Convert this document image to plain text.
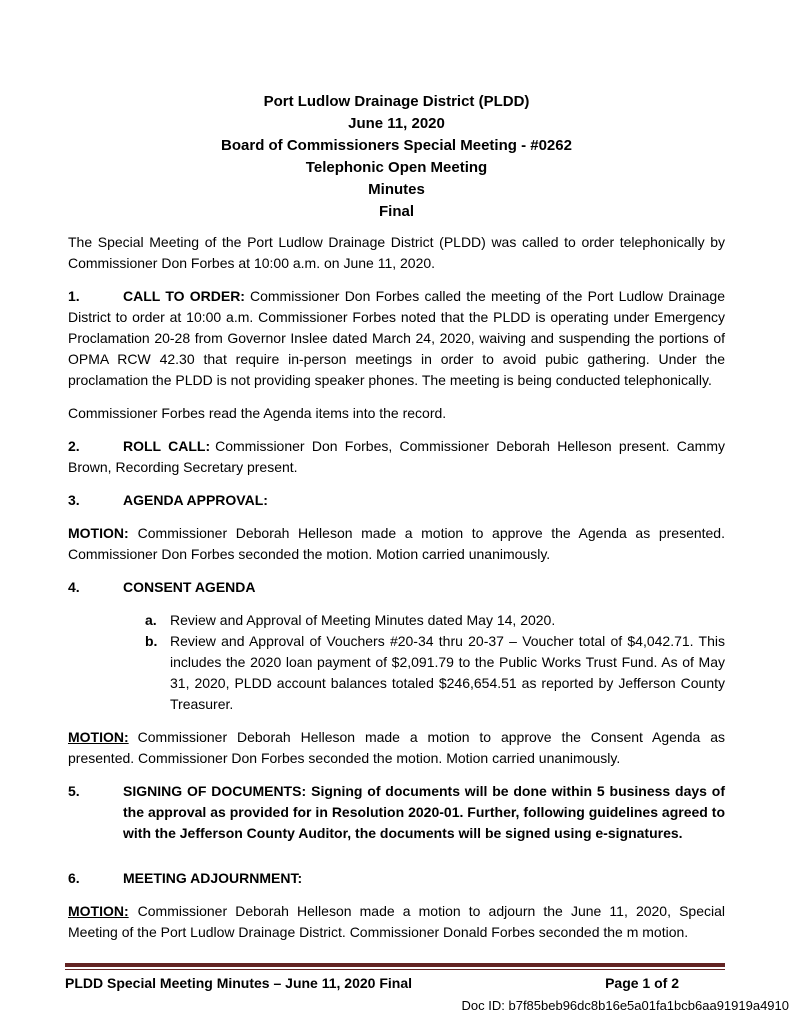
Port Ludlow Drainage District (PLDD)
June 11, 2020
Board of Commissioners Special Meeting - #0262
Telephonic Open Meeting
Minutes
Final

The Special Meeting of the Port Ludlow Drainage District (PLDD) was called to order telephonically by Commissioner Don Forbes at 10:00 a.m. on June 11, 2020.

1.	CALL TO ORDER: Commissioner Don Forbes called the meeting of the Port Ludlow Drainage District to order at 10:00 a.m. Commissioner Forbes noted that the PLDD is operating under Emergency Proclamation 20-28 from Governor Inslee dated March 24, 2020, waiving and suspending the portions of OPMA RCW 42.30 that require in-person meetings in order to avoid pubic gathering. Under the proclamation the PLDD is not providing speaker phones. The meeting is being conducted telephonically.

Commissioner Forbes read the Agenda items into the record.

2.	ROLL CALL: Commissioner Don Forbes, Commissioner Deborah Helleson present. Cammy Brown, Recording Secretary present.

3.	AGENDA APPROVAL:

MOTION: Commissioner Deborah Helleson made a motion to approve the Agenda as presented. Commissioner Don Forbes seconded the motion. Motion carried unanimously.

4.	CONSENT AGENDA

a. Review and Approval of Meeting Minutes dated May 14, 2020.

b. Review and Approval of Vouchers #20-34 thru 20-37 – Voucher total of $4,042.71. This includes the 2020 loan payment of $2,091.79 to the Public Works Trust Fund. As of May 31, 2020, PLDD account balances totaled $246,654.51 as reported by Jefferson County Treasurer.

MOTION: Commissioner Deborah Helleson made a motion to approve the Consent Agenda as presented. Commissioner Don Forbes seconded the motion. Motion carried unanimously.

5.	SIGNING OF DOCUMENTS: Signing of documents will be done within 5 business days of the approval as provided for in Resolution 2020-01. Further, following guidelines agreed to with the Jefferson County Auditor, the documents will be signed using e-signatures.

6.	MEETING ADJOURNMENT:

MOTION: Commissioner Deborah Helleson made a motion to adjourn the June 11, 2020, Special Meeting of the Port Ludlow Drainage District. Commissioner Donald Forbes seconded the m motion.

PLDD Special Meeting Minutes – June 11, 2020 Final	Page 1 of 2
Doc ID: b7f85beb96dc8b16e5a01fa1bcb6aa91919a4910
